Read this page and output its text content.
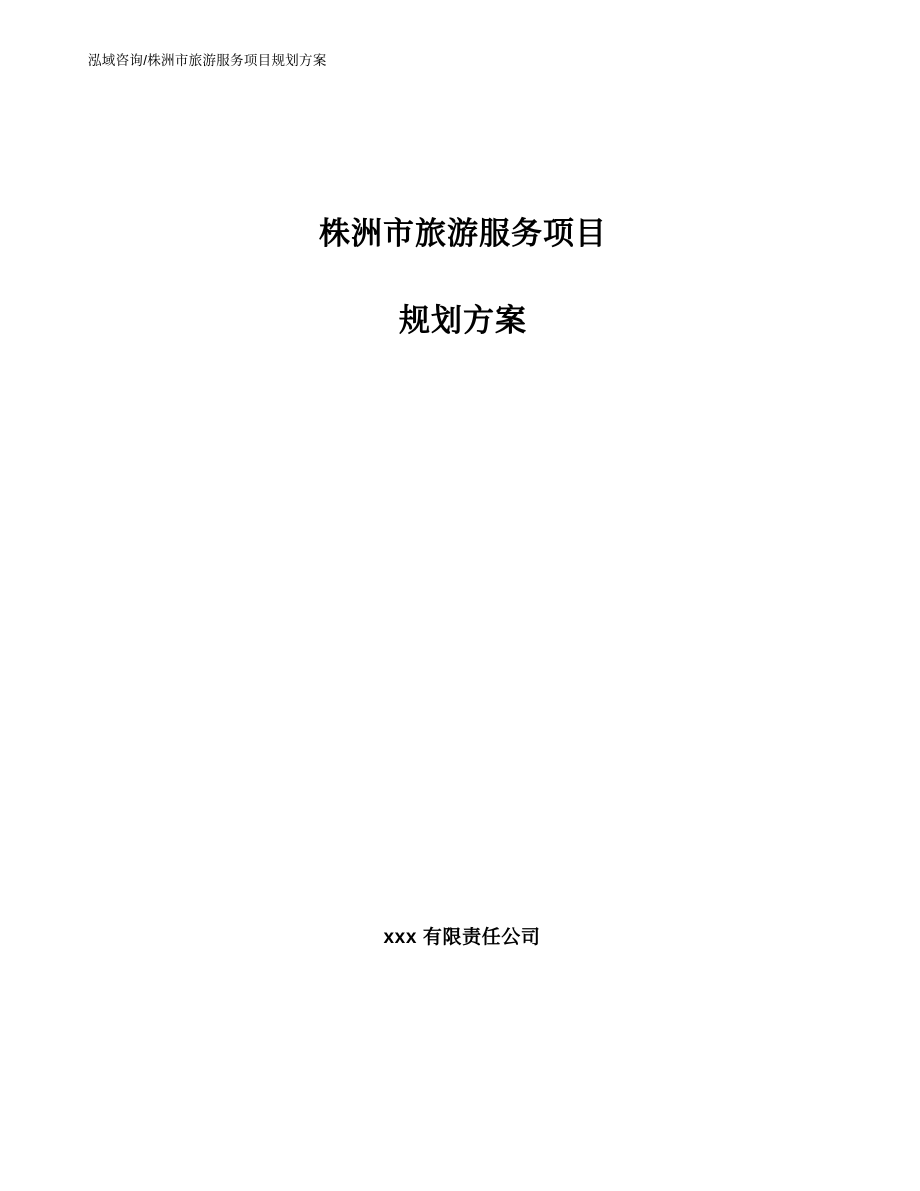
泓域咨询/株洲市旅游服务项目规划方案
株洲市旅游服务项目
规划方案
xxx 有限责任公司
